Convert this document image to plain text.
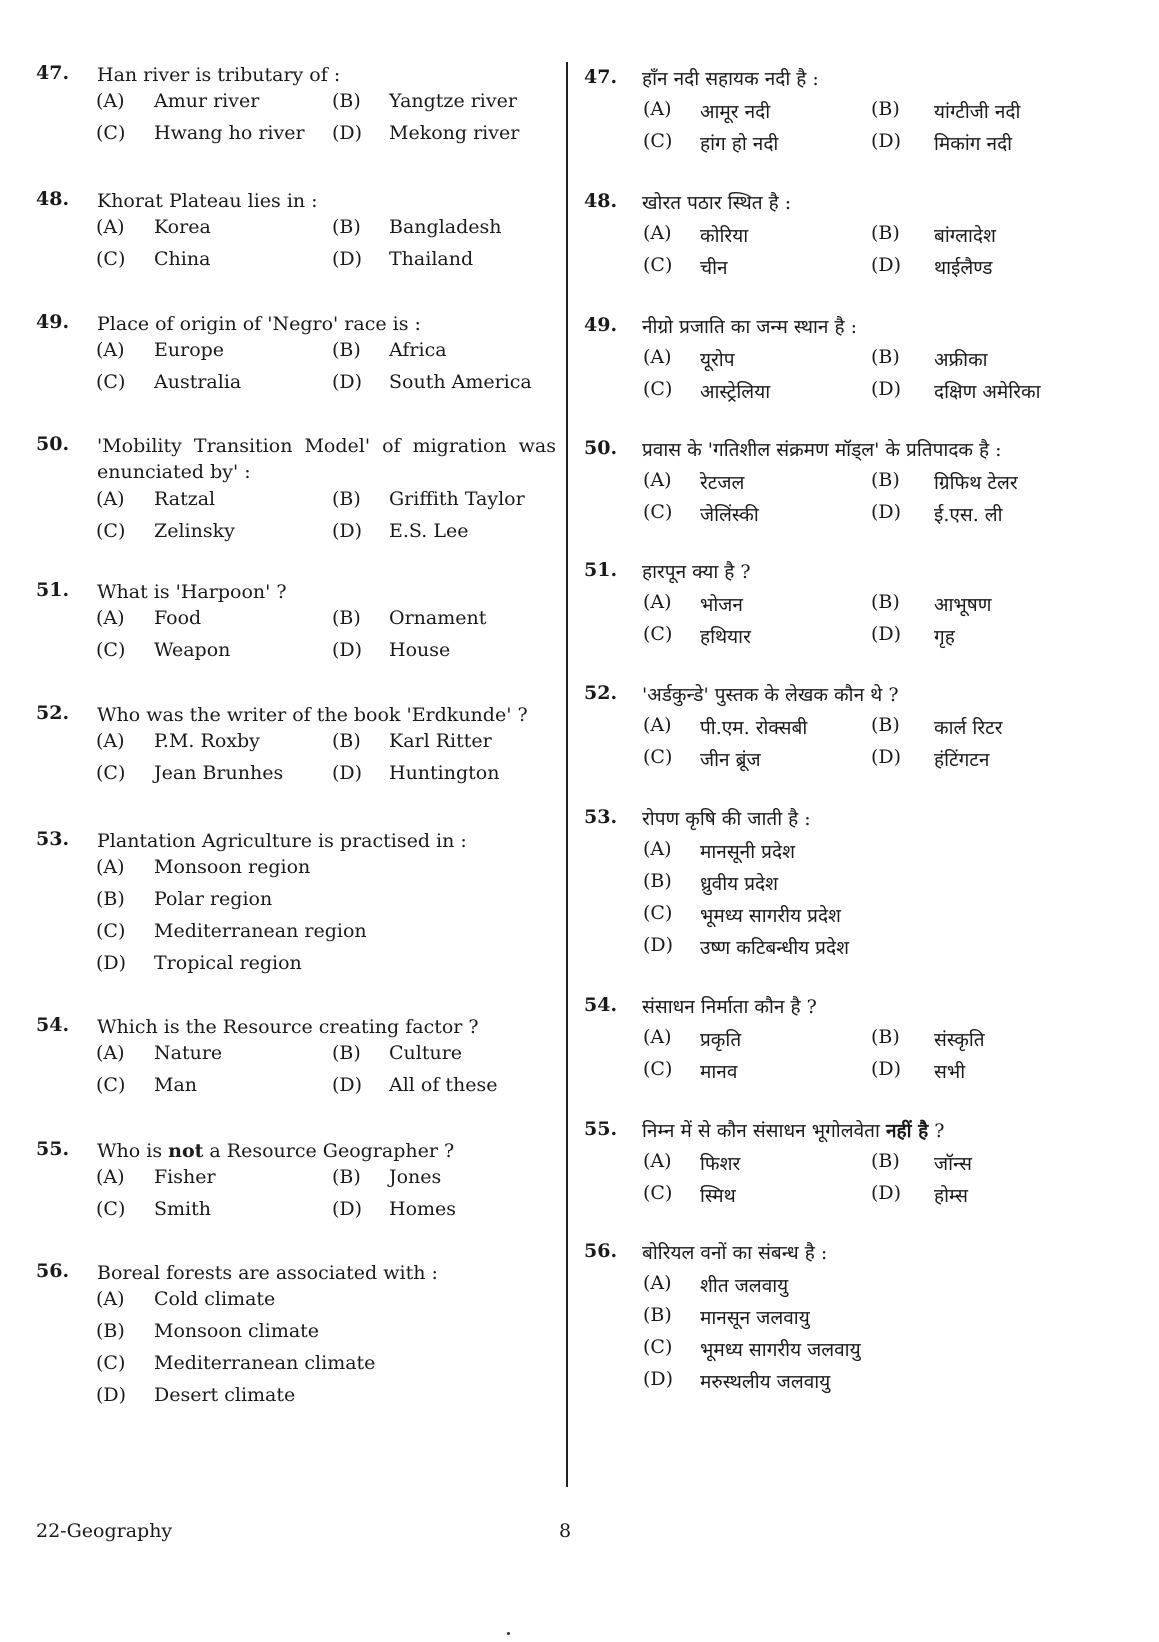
47. Han river is tributary of :
(A) Amur river	(B) Yangtze river
(C) Hwang ho river (D) Mekong river
48. Khorat Plateau lies in :
(A) Korea	(B) Bangladesh
(C) China	(D) Thailand
49. Place of origin of 'Negro' race is :
(A) Europe	(B) Africa
(C) Australia	(D) South America
50. 'Mobility Transition Model' of migration was enunciated by' :
(A) Ratzal	(B) Griffith Taylor
(C) Zelinsky	(D) E.S. Lee
51. What is 'Harpoon' ?
(A) Food	(B) Ornament
(C) Weapon	(D) House
52. Who was the writer of the book 'Erdkunde' ?
(A) P.M. Roxby	(B) Karl Ritter
(C) Jean Brunhes	(D) Huntington
53. Plantation Agriculture is practised in :
(A) Monsoon region
(B) Polar region
(C) Mediterranean region
(D) Tropical region
54. Which is the Resource creating factor ?
(A) Nature	(B) Culture
(C) Man	(D) All of these
55. Who is not a Resource Geographer ?
(A) Fisher	(B) Jones
(C) Smith	(D) Homes
56. Boreal forests are associated with :
(A) Cold climate
(B) Monsoon climate
(C) Mediterranean climate
(D) Desert climate
47. हाँन नदी सहायक नदी है :
(A) आमूर नदी	(B) यांग्टीजी नदी
(C) हांग हो नदी	(D) मिकांग नदी
48. खोरत पठार स्थित है :
(A) कोरिया	(B) बांग्लादेश
(C) चीन	(D) थाईलैण्ड
49. नीग्रो प्रजाति का जन्म स्थान है :
(A) यूरोप	(B) अफ्रीका
(C) आस्ट्रेलिया	(D) दक्षिण अमेरिका
50. प्रवास के 'गतिशील संक्रमण मॉड्ल' के प्रतिपादक है :
(A) रेटजल	(B) ग्रिफिथ टेलर
(C) जेलिंस्की	(D) ई.एस. ली
51. हारपून क्या है ?
(A) भोजन	(B) आभूषण
(C) हथियार	(D) गृह
52. 'अर्डकुन्डे' पुस्तक के लेखक कौन थे ?
(A) पी.एम. रोक्सबी	(B) कार्ल रिटर
(C) जीन ब्रूंज	(D) हंटिंगटन
53. रोपण कृषि की जाती है :
(A) मानसूनी प्रदेश
(B) ध्रुवीय प्रदेश
(C) भूमध्य सागरीय प्रदेश
(D) उष्ण कटिबन्धीय प्रदेश
54. संसाधन निर्माता कौन है ?
(A) प्रकृति	(B) संस्कृति
(C) मानव	(D) सभी
55. निम्न में से कौन संसाधन भूगोलवेता नहीं है ?
(A) फिशर	(B) जॉन्स
(C) स्मिथ	(D) होम्स
56. बोरियल वनों का संबन्ध है :
(A) शीत जलवायु
(B) मानसून जलवायु
(C) भूमध्य सागरीय जलवायु
(D) मरुस्थलीय जलवायु
22-Geography	8
